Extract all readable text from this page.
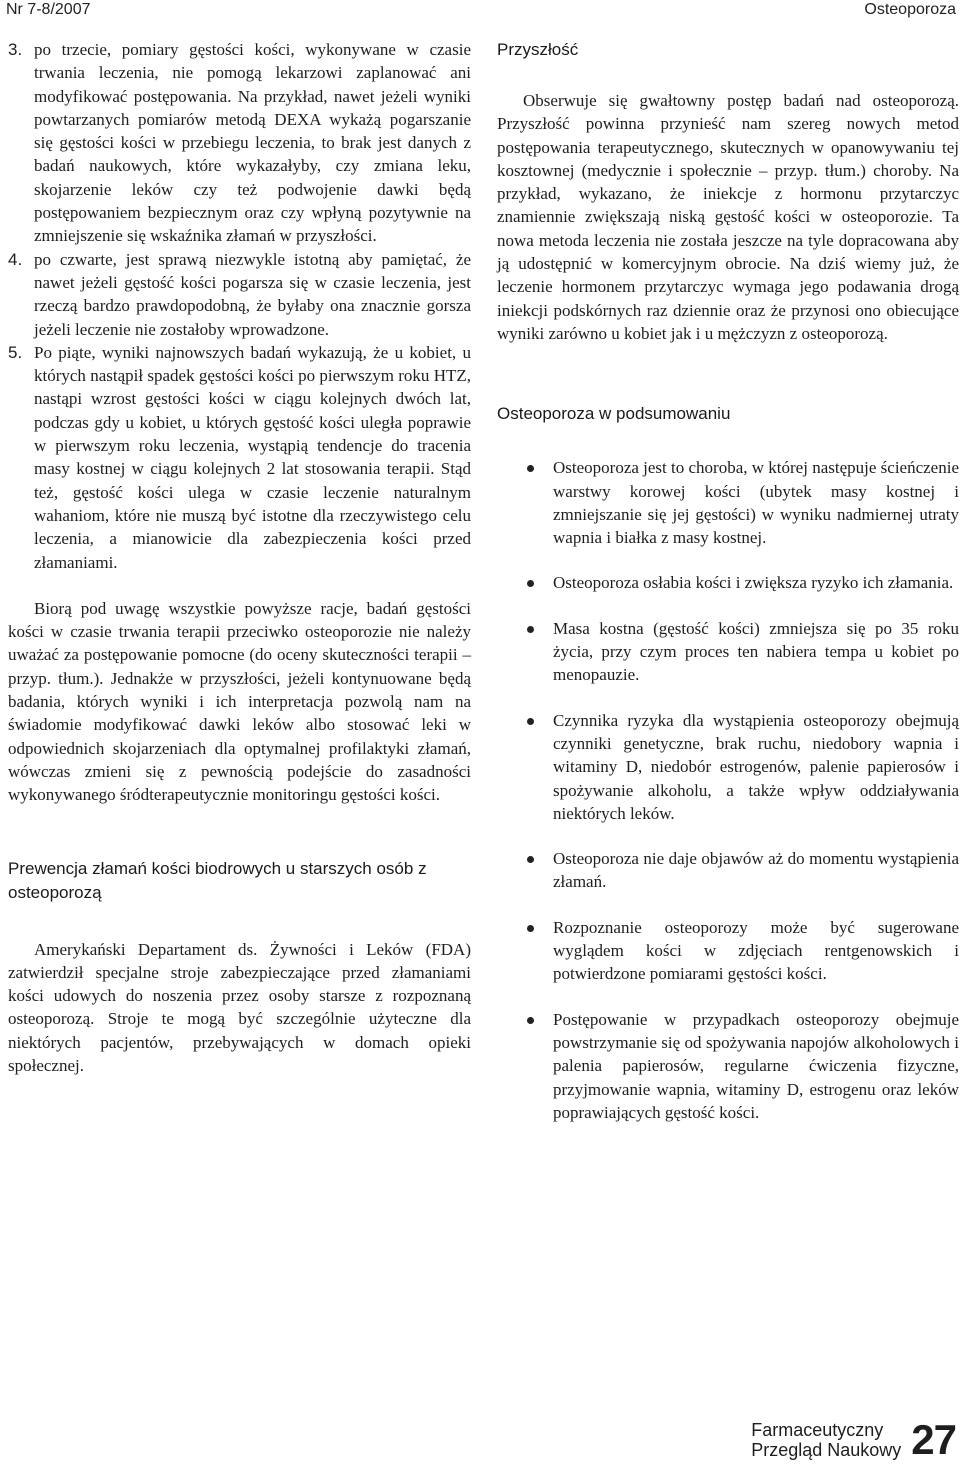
Nr 7-8/2007	Osteoporoza
3. po trzecie, pomiary gęstości kości, wykonywane w czasie trwania leczenia, nie pomogą lekarzowi zaplanować ani modyfikować postępowania. Na przykład, nawet jeżeli wyniki powtarzanych pomiarów metodą DEXA wykażą pogarszanie się gęstości kości w przebiegu leczenia, to brak jest danych z badań naukowych, które wykazałyby, czy zmiana leku, skojarzenie leków czy też podwojenie dawki będą postępowaniem bezpiecznym oraz czy wpłyną pozytywnie na zmniejszenie się wskaźnika złamań w przyszłości.
4. po czwarte, jest sprawą niezwykle istotną aby pamiętać, że nawet jeżeli gęstość kości pogarsza się w czasie leczenia, jest rzeczą bardzo prawdopodobną, że byłaby ona znacznie gorsza jeżeli leczenie nie zostałoby wprowadzone.
5. Po piąte, wyniki najnowszych badań wykazują, że u kobiet, u których nastąpił spadek gęstości kości po pierwszym roku HTZ, nastąpi wzrost gęstości kości w ciągu kolejnych dwóch lat, podczas gdy u kobiet, u których gęstość kości uległa poprawie w pierwszym roku leczenia, wystąpią tendencje do tracenia masy kostnej w ciągu kolejnych 2 lat stosowania terapii. Stąd też, gęstość kości ulega w czasie leczenie naturalnym wahaniom, które nie muszą być istotne dla rzeczywistego celu leczenia, a mianowicie dla zabezpieczenia kości przed złamaniami.

Biorą pod uwagę wszystkie powyższe racje, badań gęstości kości w czasie trwania terapii przeciwko osteoporozie nie należy uważać za postępowanie pomocne (do oceny skuteczności terapii – przyp. tłum.). Jednakże w przyszłości, jeżeli kontynuowane będą badania, których wyniki i ich interpretacja pozwolą nam na świadomie modyfikować dawki leków albo stosować leki w odpowiednich skojarzeniach dla optymalnej profilaktyki złamań, wówczas zmieni się z pewnością podejście do zasadności wykonywanego śródterapeutycznie monitoringu gęstości kości.

Prewencja złamań kości biodrowych u starszych osób z osteoporozą

Amerykański Departament ds. Żywności i Leków (FDA) zatwierdził specjalne stroje zabezpieczające przed złamaniami kości udowych do noszenia przez osoby starsze z rozpoznaną osteoporozą. Stroje te mogą być szczególnie użyteczne dla niektórych pacjentów, przebywających w domach opieki społecznej.

Przyszłość

Obserwuje się gwałtowny postęp badań nad osteoporozą. Przyszłość powinna przynieść nam szereg nowych metod postępowania terapeutycznego, skutecznych w opanowywaniu tej kosztownej (medycznie i społecznie – przyp. tłum.) choroby. Na przykład, wykazano, że iniekcje z hormonu przytarczyc znamiennie zwiększają niską gęstość kości w osteoporozie. Ta nowa metoda leczenia nie została jeszcze na tyle dopracowana aby ją udostępnić w komercyjnym obrocie. Na dziś wiemy już, że leczenie hormonem przytarczyc wymaga jego podawania drogą iniekcji podskórnych raz dziennie oraz że przynosi ono obiecujące wyniki zarówno u kobiet jak i u mężczyzn z osteoporozą.

Osteoporoza w podsumowaniu
Osteoporoza jest to choroba, w której następuje ścieńczenie warstwy korowej kości (ubytek masy kostnej i zmniejszanie się jej gęstości) w wyniku nadmiernej utraty wapnia i białka z masy kostnej.
Osteoporoza osłabia kości i zwiększa ryzyko ich złamania.
Masa kostna (gęstość kości) zmniejsza się po 35 roku życia, przy czym proces ten nabiera tempa u kobiet po menopauzie.
Czynnika ryzyka dla wystąpienia osteoporozy obejmują czynniki genetyczne, brak ruchu, niedobory wapnia i witaminy D, niedobór estrogenów, palenie papierosów i spożywanie alkoholu, a także wpływ oddziaływania niektórych leków.
Osteoporoza nie daje objawów aż do momentu wystąpienia złamań.
Rozpoznanie osteoporozy może być sugerowane wyglądem kości w zdjęciach rentgenowskich i potwierdzone pomiarami gęstości kości.
Postępowanie w przypadkach osteoporozy obejmuje powstrzymanie się od spożywania napojów alkoholowych i palenia papierosów, regularne ćwiczenia fizyczne, przyjmowanie wapnia, witaminy D, estrogenu oraz leków poprawiających gęstość kości.
Farmaceutyczny
Przegląd Naukowy 27
